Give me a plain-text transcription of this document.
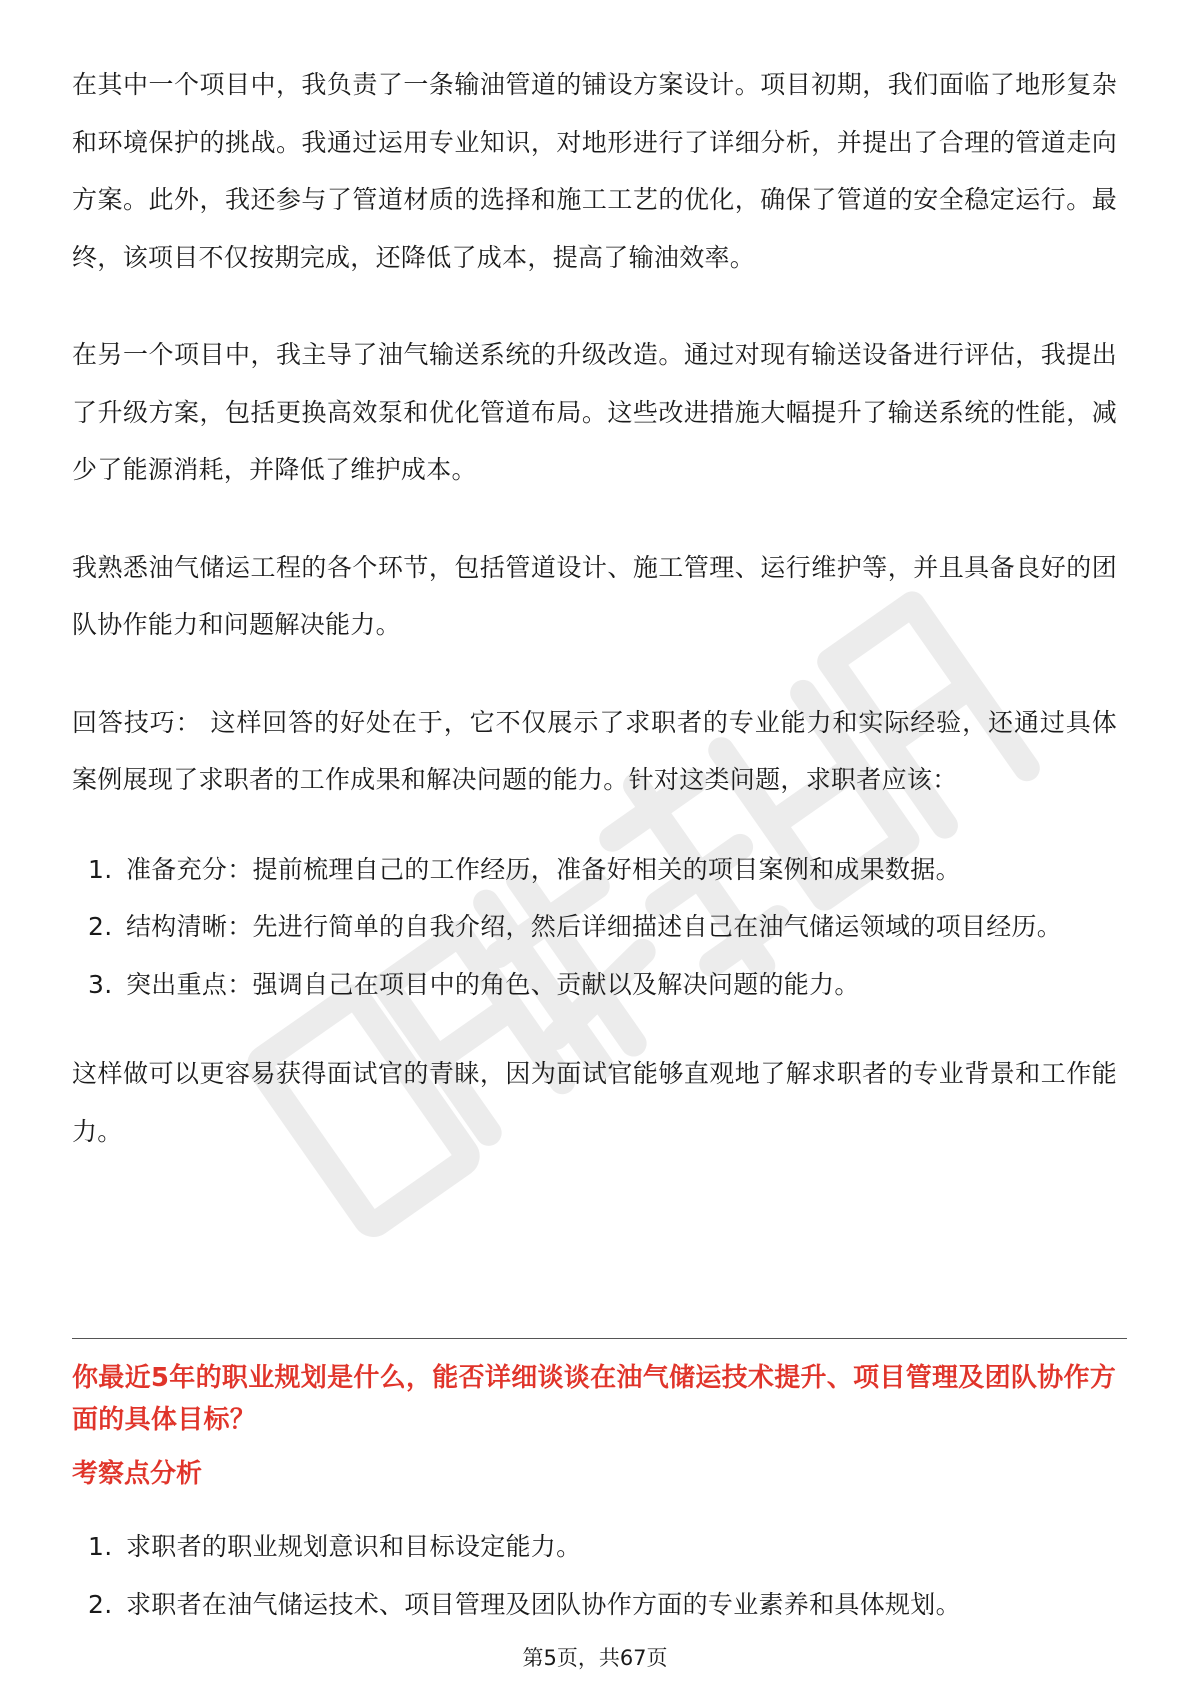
在其中一个项目中，我负责了一条输油管道的铺设方案设计。项目初期，我们面临了地形复杂和环境保护的挑战。我通过运用专业知识，对地形进行了详细分析，并提出了合理的管道走向方案。此外，我还参与了管道材质的选择和施工工艺的优化，确保了管道的安全稳定运行。最终，该项目不仅按期完成，还降低了成本，提高了输油效率。

在另一个项目中，我主导了油气输送系统的升级改造。通过对现有输送设备进行评估，我提出了升级方案，包括更换高效泵和优化管道布局。这些改进措施大幅提升了输送系统的性能，减少了能源消耗，并降低了维护成本。

我熟悉油气储运工程的各个环节，包括管道设计、施工管理、运行维护等，并且具备良好的团队协作能力和问题解决能力。

回答技巧： 这样回答的好处在于，它不仅展示了求职者的专业能力和实际经验，还通过具体案例展现了求职者的工作成果和解决问题的能力。针对这类问题，求职者应该：

1. 准备充分：提前梳理自己的工作经历，准备好相关的项目案例和成果数据。
2. 结构清晰：先进行简单的自我介绍，然后详细描述自己在油气储运领域的项目经历。
3. 突出重点：强调自己在项目中的角色、贡献以及解决问题的能力。

这样做可以更容易获得面试官的青睐，因为面试官能够直观地了解求职者的专业背景和工作能力。

你最近5年的职业规划是什么，能否详细谈谈在油气储运技术提升、项目管理及团队协作方面的具体目标？
考察点分析
1. 求职者的职业规划意识和目标设定能力。
2. 求职者在油气储运技术、项目管理及团队协作方面的专业素养和具体规划。
第5页，共67页
